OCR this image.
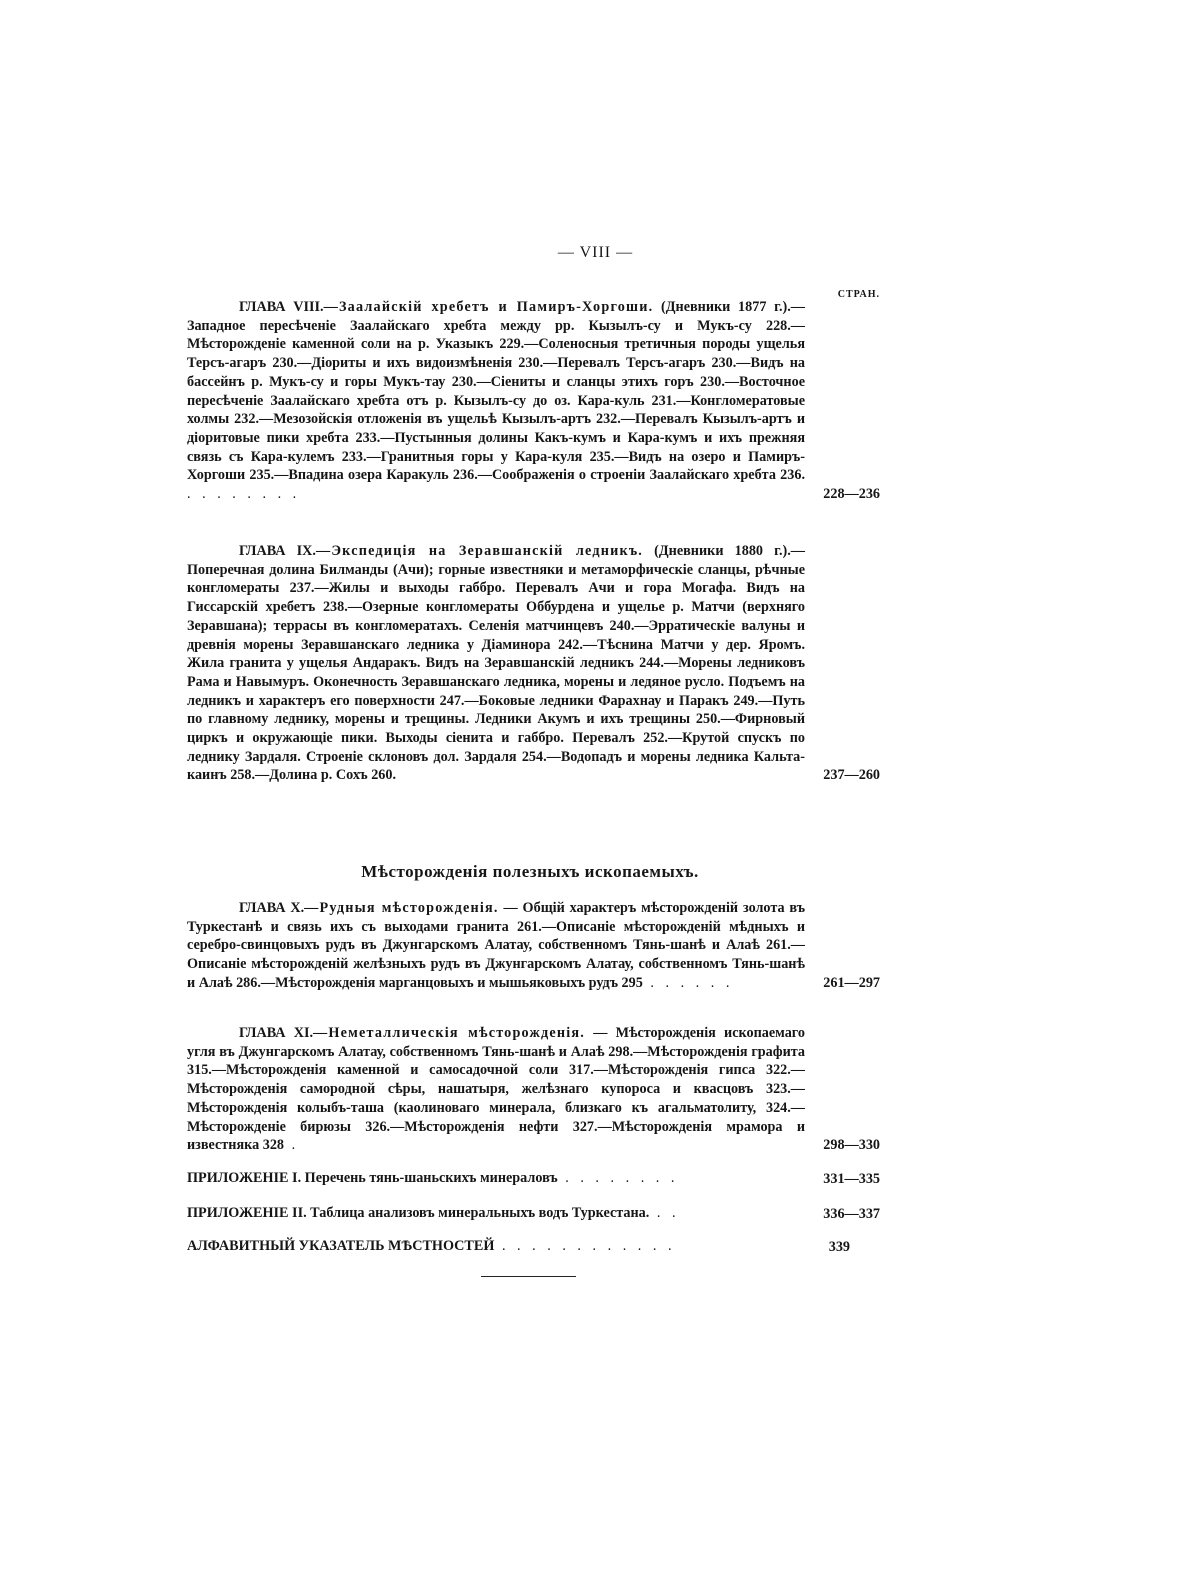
— VIII —
СТРАН.
ГЛАВА VIII.—Заалайскій хребетъ и Памиръ-Хоргоши. (Дневники 1877 г.).—Западное пересѣченіе Заалайскаго хребта между рр. Кызылъ-су и Мукъ-су 228.—Мѣсторожденіе каменной соли на р. Указыкъ 229.—Соленосныя третичныя породы ущелья Терсъ-агаръ 230.—Діориты и ихъ видоизмѣненія 230.—Перевалъ Терсъ-агаръ 230.—Видъ на бассейнъ р. Мукъ-су и горы Мукъ-тау 230.—Сіениты и сланцы этихъ горъ 230.—Восточное пересѣченіе Заалайскаго хребта отъ р. Кызылъ-су до оз. Кара-куль 231.—Конгломератовые холмы 232.—Мезозойскія отложенія въ ущельѣ Кызылъ-артъ 232.—Перевалъ Кызылъ-артъ и діоритовые пики хребта 233.—Пустынныя долины Какъ-кумъ и Кара-кумъ и ихъ прежняя связь съ Кара-кулемъ 233.—Гранитныя горы у Кара-куля 235.—Видъ на озеро и Памиръ-Хоргоши 235.—Впадина озера Каракуль 236.—Соображенія о строеніи Заалайскаго хребта 236. . . . . . . . .	228—236
ГЛАВА IX.—Экспедиція на Зеравшанскій ледникъ. (Дневники 1880 г.).—Поперечная долина Билманды (Ачи); горные известняки и метаморфическіе сланцы, рѣчные конгломераты 237.—Жилы и выходы габбро. Перевалъ Ачи и гора Могафа. Видъ на Гиссарскій хребетъ 238.—Озерные конгломераты Оббурдена и ущелье р. Матчи (верхняго Зеравшана); террасы въ конгломератахъ. Селенія матчинцевъ 240.—Эрратическіе валуны и древнія морены Зеравшанскаго ледника у Діаминора 242.—Тѣснина Матчи у дер. Яромъ. Жила гранита у ущелья Андаракъ. Видъ на Зеравшанскій ледникъ 244.—Морены ледниковъ Рама и Навымуръ. Оконечность Зеравшанскаго ледника, морены и ледяное русло. Подъемъ на ледникъ и характеръ его поверхности 247.—Боковые ледники Фарахнау и Паракъ 249.—Путь по главному леднику, морены и трещины. Ледники Акумъ и ихъ трещины 250.—Фирновый циркъ и окружающіе пики. Выходы сіенита и габбро. Перевалъ 252.—Крутой спускъ по леднику Зардаля. Строеніе склоновъ дол. Зардаля 254.—Водопадъ и морены ледника Кальта-каинъ 258.—Долина р. Сохъ 260.	237—260
Мѣсторожденія полезныхъ ископаемыхъ.
ГЛАВА X.—Рудныя мѣсторожденія. — Общій характеръ мѣсторожденій золота въ Туркестанѣ и связь ихъ съ выходами гранита 261.—Описаніе мѣсторожденій мѣдныхъ и серебро-свинцовыхъ рудъ въ Джунгарскомъ Алатау, собственномъ Тянь-шанѣ и Алаѣ 261.—Описаніе мѣсторожденій желѣзныхъ рудъ въ Джунгарскомъ Алатау, собственномъ Тянь-шанѣ и Алаѣ 286.—Мѣсторожденія марганцовыхъ и мышьяковыхъ рудъ 295 . . . . . .	261—297
ГЛАВА XI.—Неметаллическія мѣсторожденія. — Мѣсторожденія ископаемаго угля въ Джунгарскомъ Алатау, собственномъ Тянь-шанѣ и Алаѣ 298.—Мѣсторожденія графита 315.—Мѣсторожденія каменной и самосадочной соли 317.—Мѣсторожденія гипса 322.—Мѣсторожденія самородной сѣры, нашатыря, желѣзнаго купороса и квасцовъ 323.—Мѣсторожденія колыбъ-таша (каолиноваго минерала, близкаго къ агальматолиту, 324.—Мѣсторожденіе бирюзы 326.—Мѣсторожденія нефти 327.—Мѣсторожденія мрамора и известняка 328 .	298—330
ПРИЛОЖЕНІЕ I. Перечень тянь-шаньскихъ минераловъ . . . . . . . .	331—335
ПРИЛОЖЕНІЕ II. Таблица анализовъ минеральныхъ водъ Туркестана. . .	336—337
АЛФАВИТНЫЙ УКАЗАТЕЛЬ МѢСТНОСТЕЙ . . . . . . . . . . . .	339
